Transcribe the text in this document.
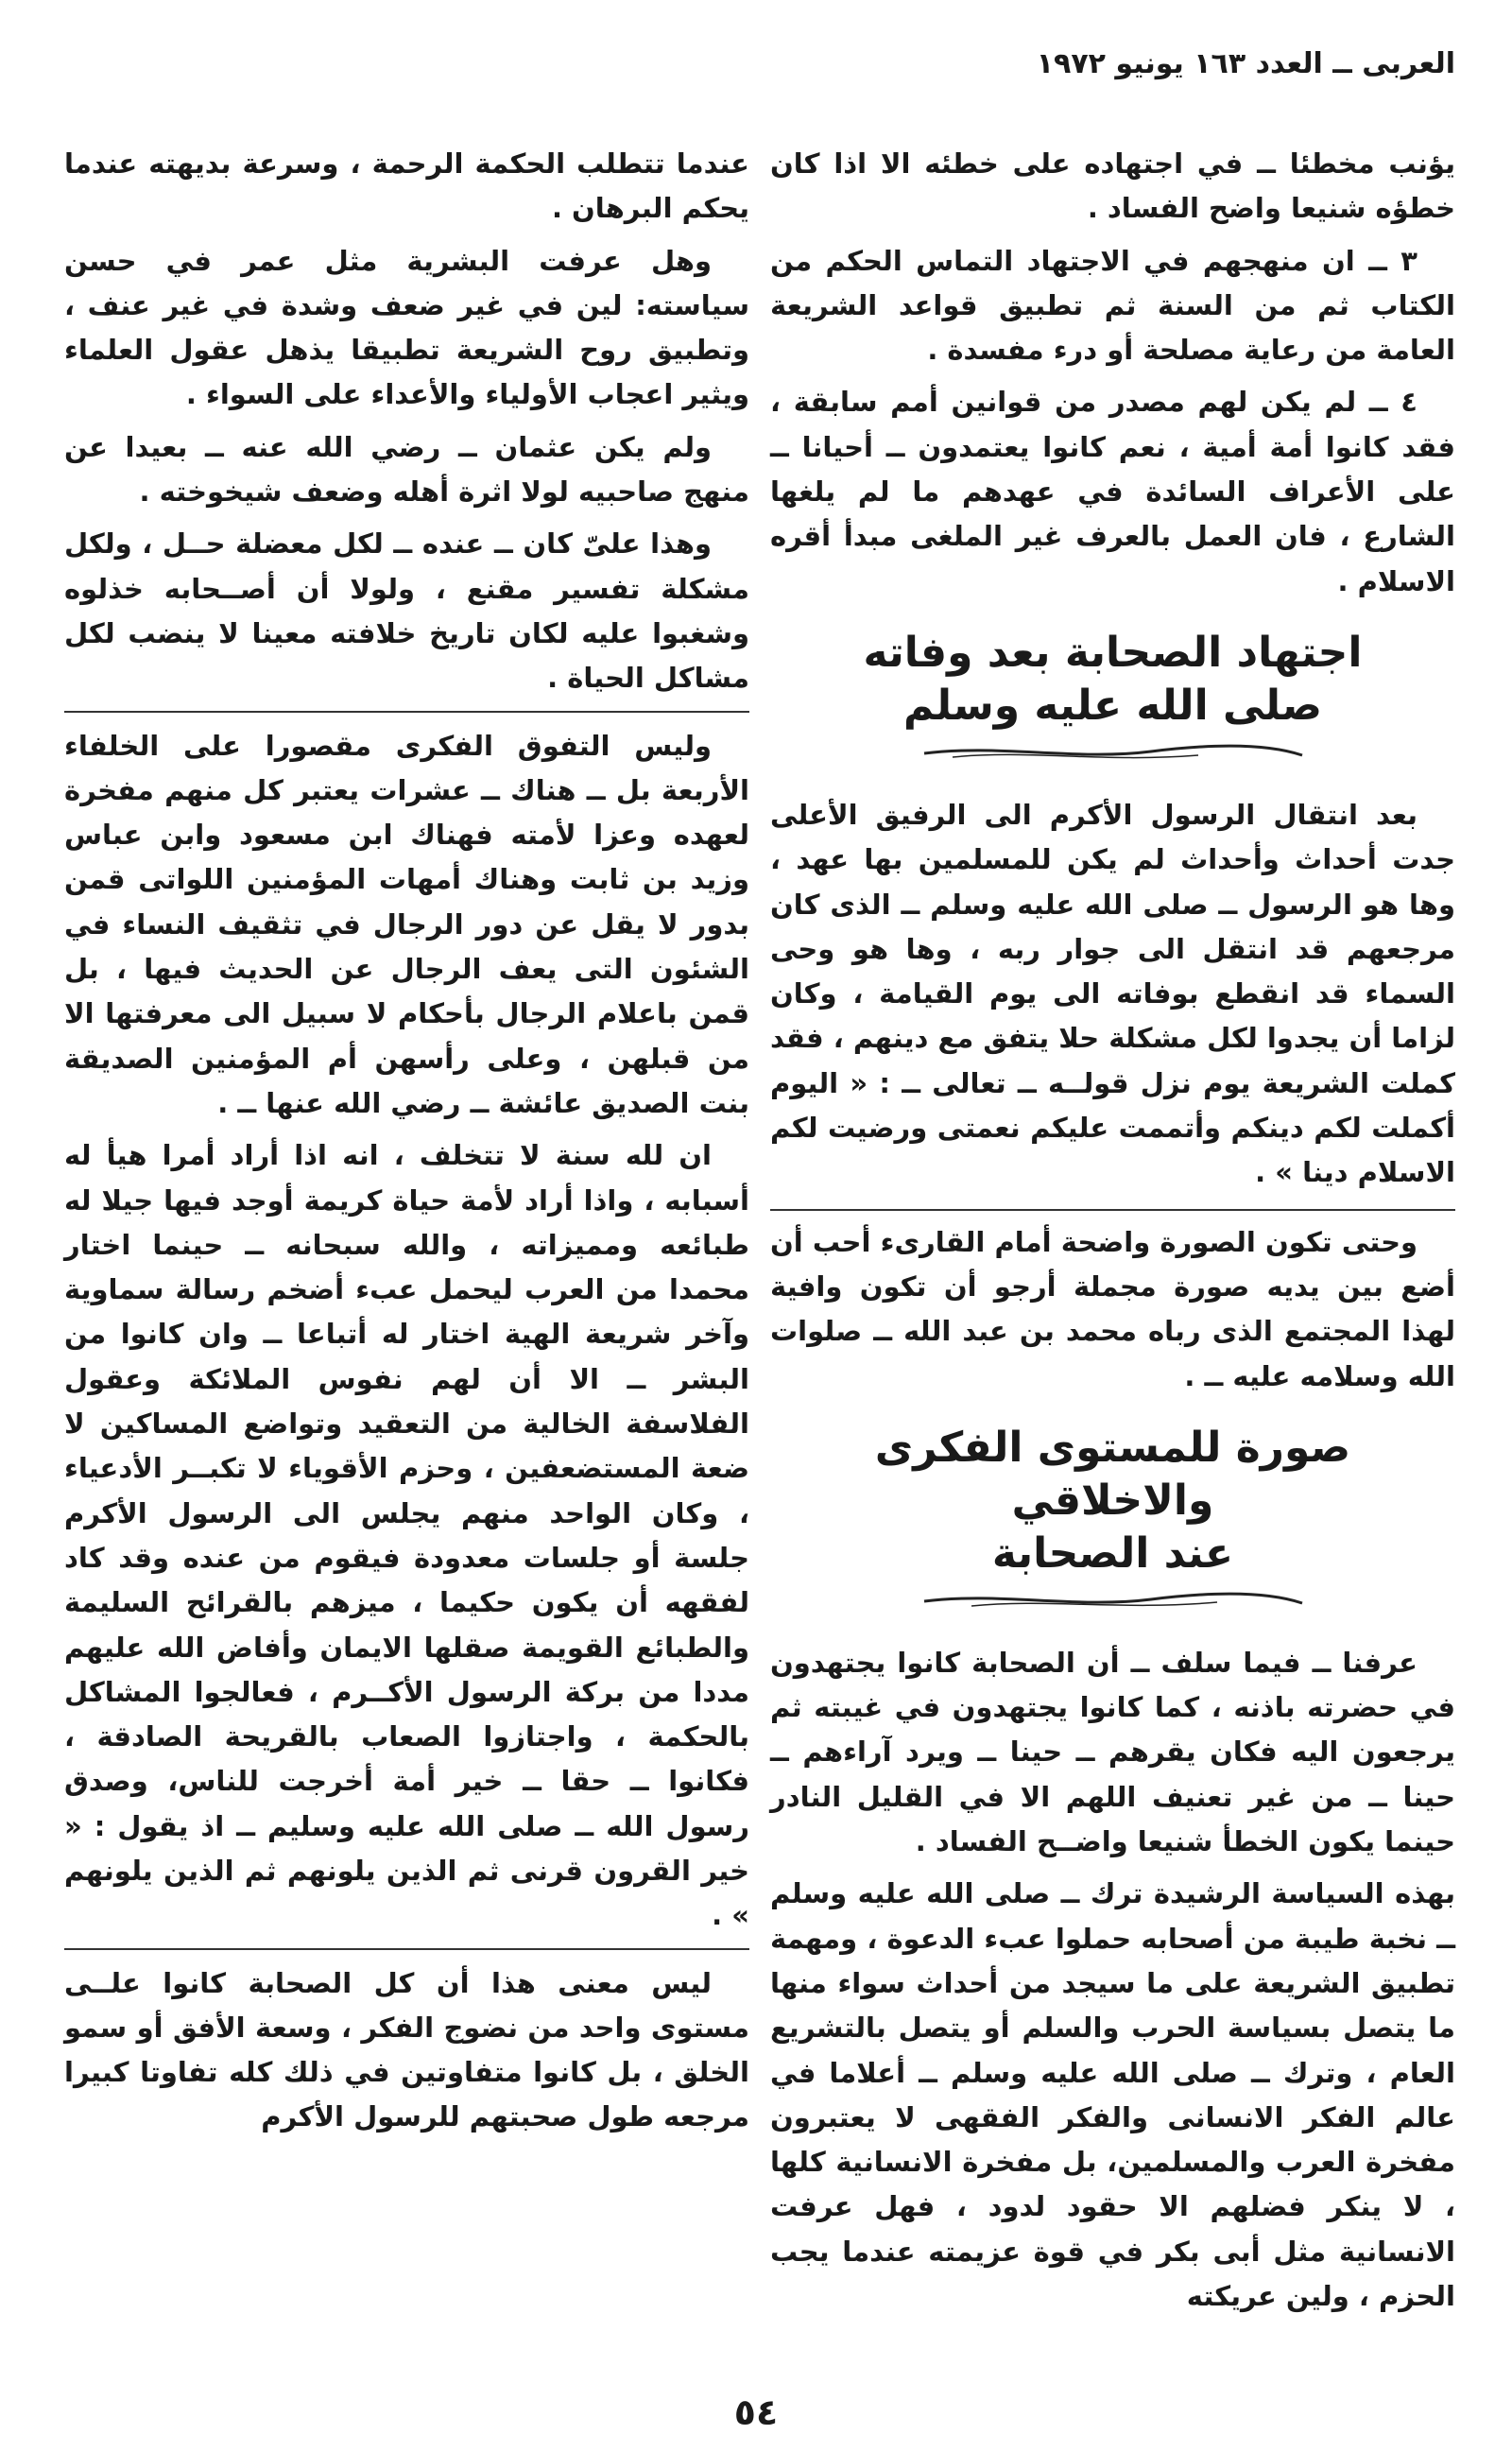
العربى ــ العدد ١٦٣ يونيو ١٩٧٢

يؤنب مخطئا ــ في اجتهاده على خطئه الا اذا كان خطؤه شنيعا واضح الفساد .

٣ ــ ان منهجهم في الاجتهاد التماس الحكم من الكتاب ثم من السنة ثم تطبيق قواعد الشريعة العامة من رعاية مصلحة أو درء مفسدة .

٤ ــ لم يكن لهم مصدر من قوانين أمم سابقة ، فقد كانوا أمة أمية ، نعم كانوا يعتمدون ــ أحيانا ــ على الأعراف السائدة في عهدهم ما لم يلغها الشارع ، فان العمل بالعرف غير الملغى مبدأ أقره الاسلام .

اجتهاد الصحابة بعد وفاته
صلى الله عليه وسلم

بعد انتقال الرسول الأكرم الى الرفيق الأعلى جدت أحداث وأحداث لم يكن للمسلمين بها عهد ، وها هو الرسول ــ صلى الله عليه وسلم ــ الذى كان مرجعهم قد انتقل الى جوار ربه ، وها هو وحى السماء قد انقطع بوفاته الى يوم القيامة ، وكان لزاما أن يجدوا لكل مشكلة حلا يتفق مع دينهم ، فقد كملت الشريعة يوم نزل قولــه ــ تعالى ــ : « اليوم أكملت لكم دينكم وأتممت عليكم نعمتى ورضيت لكم الاسلام دينا » .

وحتى تكون الصورة واضحة أمام القارىء أحب أن أضع بين يديه صورة مجملة أرجو أن تكون وافية لهذا المجتمع الذى رباه محمد بن عبد الله ــ صلوات الله وسلامه عليه ــ .

صورة للمستوى الفكرى والاخلاقي
عند الصحابة

عرفنا ــ فيما سلف ــ أن الصحابة كانوا يجتهدون في حضرته باذنه ، كما كانوا يجتهدون في غيبته ثم يرجعون اليه فكان يقرهم ــ حينا ــ ويرد آراءهم ــ حينا ــ من غير تعنيف اللهم الا في القليل النادر حينما يكون الخطأ شنيعا واضــح الفساد .

بهذه السياسة الرشيدة ترك ــ صلى الله عليه وسلم ــ نخبة طيبة من أصحابه حملوا عبء الدعوة ، ومهمة تطبيق الشريعة على ما سيجد من أحداث سواء منها ما يتصل بسياسة الحرب والسلم أو يتصل بالتشريع العام ، وترك ــ صلى الله عليه وسلم ــ أعلاما في عالم الفكر الانسانى والفكر الفقهى لا يعتبرون مفخرة العرب والمسلمين، بل مفخرة الانسانية كلها ، لا ينكر فضلهم الا حقود لدود ، فهل عرفت الانسانية مثل أبى بكر في قوة عزيمته عندما يجب الحزم ، ولين عريكته

عندما تتطلب الحكمة الرحمة ، وسرعة بديهته عندما يحكم البرهان .

وهل عرفت البشرية مثل عمر في حسن سياسته: لين في غير ضعف وشدة في غير عنف ، وتطبيق روح الشريعة تطبيقا يذهل عقول العلماء ويثير اعجاب الأولياء والأعداء على السواء .

ولم يكن عثمان ــ رضي الله عنه ــ بعيدا عن منهج صاحبيه لولا اثرة أهله وضعف شيخوخته .

وهذا علىّ كان ــ عنده ــ لكل معضلة حــل ، ولكل مشكلة تفسير مقنع ، ولولا أن أصــحابه خذلوه وشغبوا عليه لكان تاريخ خلافته معينا لا ينضب لكل مشاكل الحياة .

وليس التفوق الفكرى مقصورا على الخلفاء الأربعة بل ــ هناك ــ عشرات يعتبر كل منهم مفخرة لعهده وعزا لأمته فهناك ابن مسعود وابن عباس وزيد بن ثابت وهناك أمهات المؤمنين اللواتى قمن بدور لا يقل عن دور الرجال في تثقيف النساء في الشئون التى يعف الرجال عن الحديث فيها ، بل قمن باعلام الرجال بأحكام لا سبيل الى معرفتها الا من قبلهن ، وعلى رأسهن أم المؤمنين الصديقة بنت الصديق عائشة ــ رضي الله عنها ــ .

ان لله سنة لا تتخلف ، انه اذا أراد أمرا هيأ له أسبابه ، واذا أراد لأمة حياة كريمة أوجد فيها جيلا له طبائعه ومميزاته ، والله سبحانه ــ حينما اختار محمدا من العرب ليحمل عبء أضخم رسالة سماوية وآخر شريعة الهية اختار له أتباعا ــ وان كانوا من البشر ــ الا أن لهم نفوس الملائكة وعقول الفلاسفة الخالية من التعقيد وتواضع المساكين لا ضعة المستضعفين ، وحزم الأقوياء لا تكبــر الأدعياء ، وكان الواحد منهم يجلس الى الرسول الأكرم جلسة أو جلسات معدودة فيقوم من عنده وقد كاد لفقهه أن يكون حكيما ، ميزهم بالقرائح السليمة والطبائع القويمة صقلها الايمان وأفاض الله عليهم مددا من بركة الرسول الأكــرم ، فعالجوا المشاكل بالحكمة ، واجتازوا الصعاب بالقريحة الصادقة ، فكانوا ــ حقا ــ خير أمة أخرجت للناس، وصدق رسول الله ــ صلى الله عليه وسليم ــ اذ يقول : « خير القرون قرنى ثم الذين يلونهم ثم الذين يلونهم » .

ليس معنى هذا أن كل الصحابة كانوا علــى مستوى واحد من نضوج الفكر ، وسعة الأفق أو سمو الخلق ، بل كانوا متفاوتين في ذلك كله تفاوتا كبيرا مرجعه طول صحبتهم للرسول الأكرم

٥٤
